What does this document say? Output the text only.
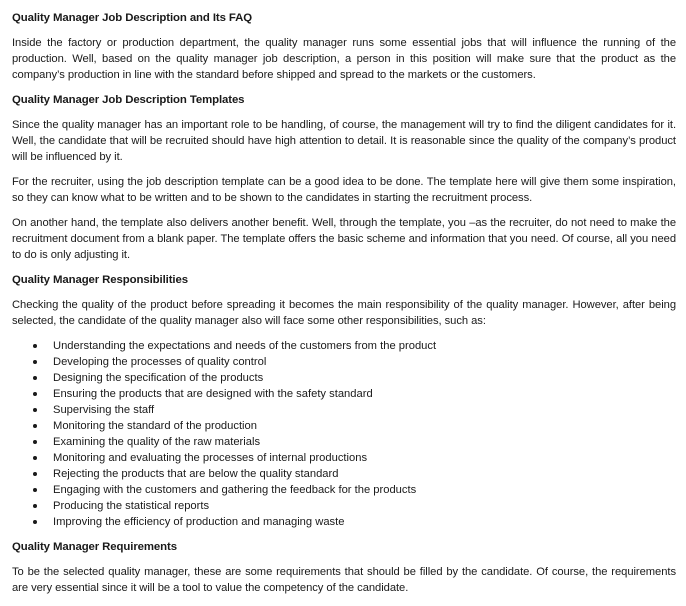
Quality Manager Job Description and Its FAQ

Inside the factory or production department, the quality manager runs some essential jobs that will influence the running of the production. Well, based on the quality manager job description, a person in this position will make sure that the product as the company’s production in line with the standard before shipped and spread to the markets or the customers.

Quality Manager Job Description Templates

Since the quality manager has an important role to be handling, of course, the management will try to find the diligent candidates for it. Well, the candidate that will be recruited should have high attention to detail. It is reasonable since the quality of the company’s product will be influenced by it.

For the recruiter, using the job description template can be a good idea to be done. The template here will give them some inspiration, so they can know what to be written and to be shown to the candidates in starting the recruitment process.

On another hand, the template also delivers another benefit. Well, through the template, you –as the recruiter, do not need to make the recruitment document from a blank paper. The template offers the basic scheme and information that you need. Of course, all you need to do is only adjusting it.

Quality Manager Responsibilities

Checking the quality of the product before spreading it becomes the main responsibility of the quality manager. However, after being selected, the candidate of the quality manager also will face some other responsibilities, such as:

Understanding the expectations and needs of the customers from the product
Developing the processes of quality control
Designing the specification of the products
Ensuring the products that are designed with the safety standard
Supervising the staff
Monitoring the standard of the production
Examining the quality of the raw materials
Monitoring and evaluating the processes of internal productions
Rejecting the products that are below the quality standard
Engaging with the customers and gathering the feedback for the products
Producing the statistical reports
Improving the efficiency of production and managing waste
Quality Manager Requirements

To be the selected quality manager, these are some requirements that should be filled by the candidate. Of course, the requirements are very essential since it will be a tool to value the competency of the candidate.
